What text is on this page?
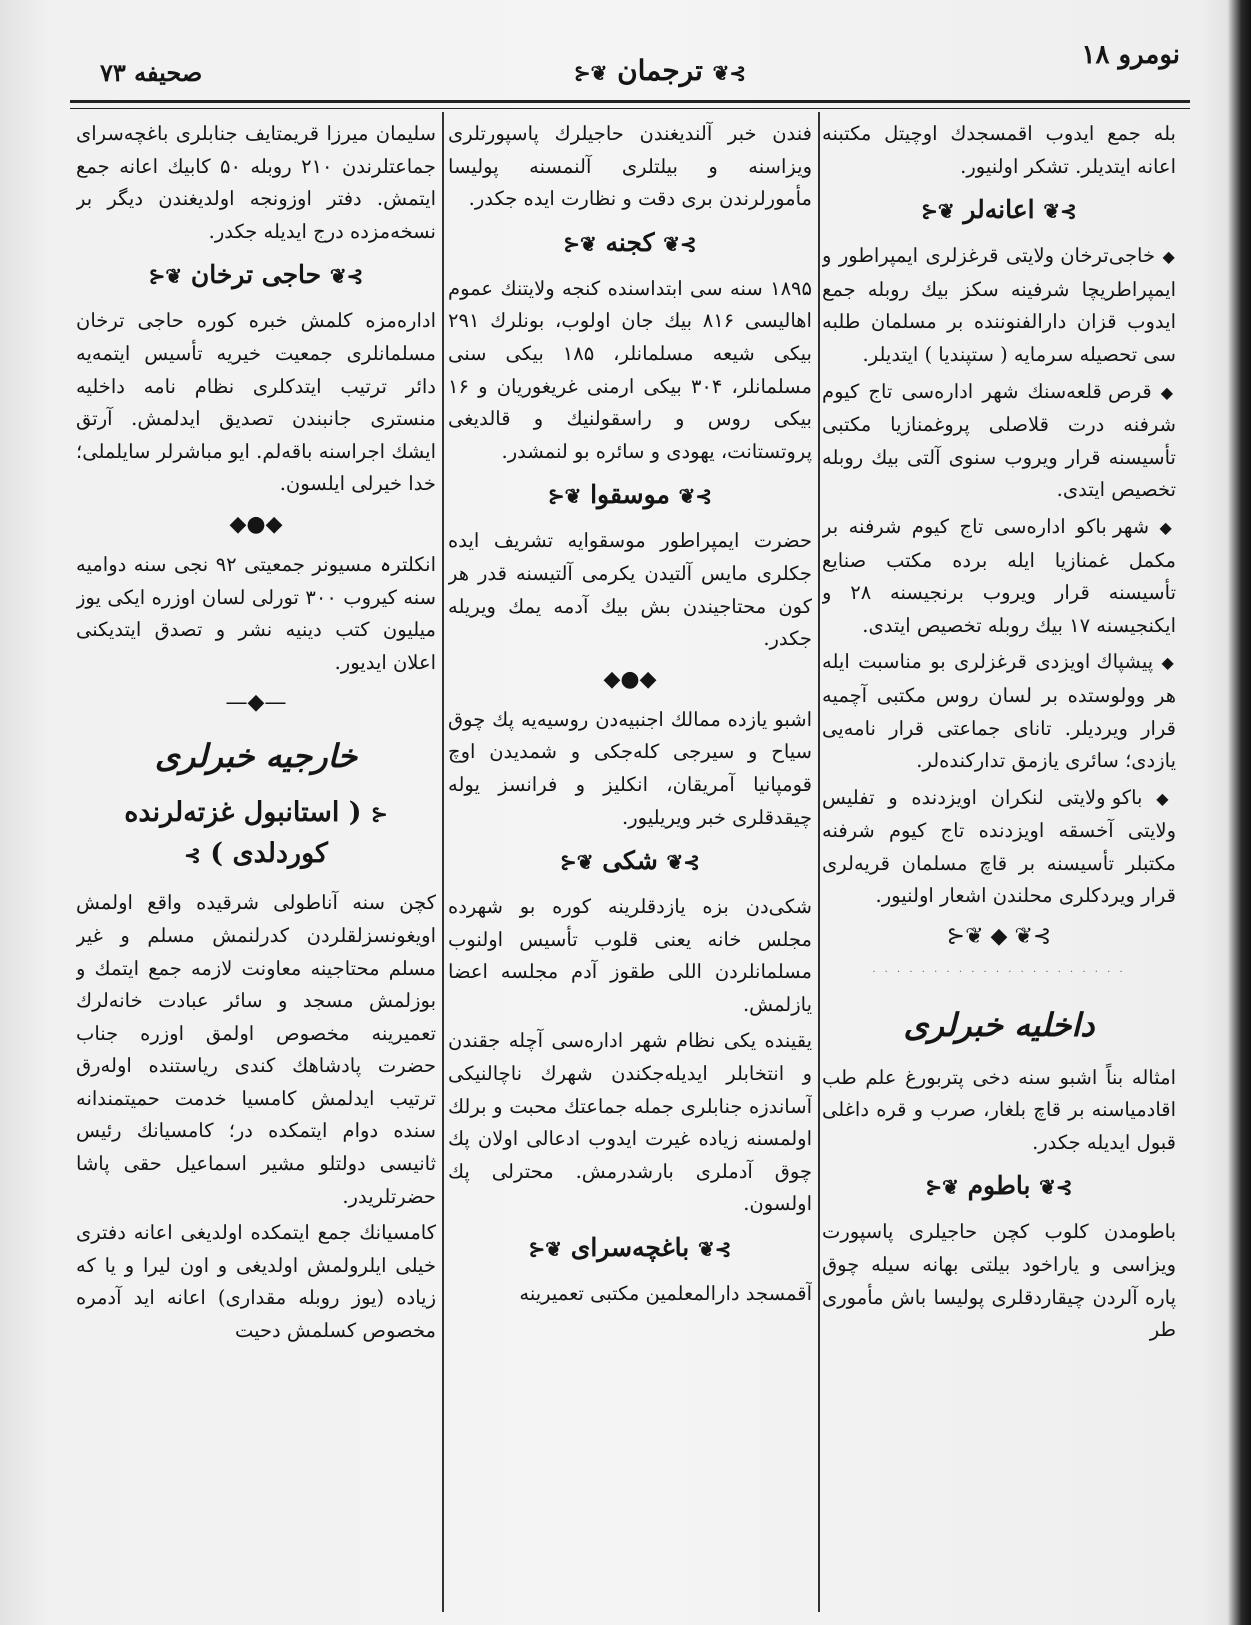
صحیفه ۷۳	⊱❦ ترجمان ❦⊰
نومرو ۱۸

بله جمع ایدوب اقمسجدك اوچیتل مکتبنه اعانه ایتدیلر. تشکر اولنیور.

⊱❦ اعانه‌لر ❦⊰

◆ خاجی‌ترخان ولایتی قرغزلری ایمپراطور و ایمپراطریچا شرفینه سکز بیك روبله جمع ایدوب قزان دارالفنوننده بر مسلمان طلبه سی تحصیله سرمایه ( ستپندیا ) ایتدیلر.

◆ قرص قلعه‌سنك شهر اداره‌سی تاج کیوم شرفنه درت قلاصلی پروغمنازیا مکتبی تأسیسنه قرار ویروب سنوی آلتی بیك روبله تخصیص ایتدی.

◆ شهر باکو اداره‌سی تاج کیوم شرفنه بر مکمل غمنازیا ایله برده مکتب صنایع تأسیسنه قرار ویروب برنجیسنه ۲۸ و ایکنجیسنه ۱۷ بیك روبله تخصیص ایتدی.

◆ پیشپاك اویزدی قرغزلری بو مناسبت ایله هر وولوستده بر لسان روس مکتبی آچمیه قرار ویردیلر. تانای جماعتی قرار نامه‌یی یازدی؛ سائری یازمق تدارکنده‌لر.

◆ باکو ولایتی لنکران اویزدنده و تفلیس ولایتی آخسقه اویزدنده تاج کیوم شرفنه مکتبلر تأسیسنه بر قاچ مسلمان قریه‌لری قرار ویردکلری محلندن اشعار اولنیور.

⊱❦ ◆ ❦⊰
· · · · · · · · · · · · · · · · · · · · ·
داخلیه خبرلری

امثاله بناً اشبو سنه دخی پتربورغ علم طب اقادمیاسنه بر قاچ بلغار، صرب و قره داغلی قبول ایدیله جکدر.

⊱❦ باطوم ❦⊰

باطومدن کلوب کچن حاجیلری پاسپورت ویزاسی و یاراخود بیلتی بهانه سیله چوق پاره آلردن چیقاردقلری پولیسا باش مأموری طر

فندن خبر آلندیغندن حاجیلرك پاسپورتلری ویزاسنه و بیلتلری آلنمسنه پولیسا مأمورلرندن بری دقت و نظارت ایده جکدر.

⊱❦ کجنه ❦⊰

۱۸۹۵ سنه سی ابتداسنده کنجه ولایتنك عموم اهالیسی ۸۱۶ بیك جان اولوب، بونلرك ۲۹۱ بیکی شیعه مسلمانلر، ۱۸۵ بیکی سنی مسلمانلر، ۳۰۴ بیکی ارمنی غریغوریان و ۱۶ بیکی روس و راسقولنیك و قالدیغی پروتستانت، یهودی و سائره بو لنمشدر.

⊱❦ موسقوا ❦⊰

حضرت ایمپراطور موسقوایه تشریف ایده جکلری مایس آلتیدن یکرمی آلتیسنه قدر هر کون محتاجیندن بش بیك آدمه یمك ویریله جکدر.

◆●◆

اشبو یازده ممالك اجنبیه‌دن روسیه‌یه پك چوق سیاح و سیرجی کله‌جکی و شمدیدن اوچ قومپانیا آمریقان، انکلیز و فرانسز یوله چیقدقلری خبر ویریلیور.

⊱❦ شکی ❦⊰

شکی‌دن بزه یازدقلرینه کوره بو شهرده مجلس خانه یعنی قلوب تأسیس اولنوب مسلمانلردن اللی طقوز آدم مجلسه اعضا یازلمش.

یقینده یکی نظام شهر اداره‌سی آچله جقندن و انتخابلر ایدیله‌جکندن شهرك ناچالنیکی آساندزه جنابلری جمله جماعتك محبت و برلك اولمسنه زیاده غیرت ایدوب ادعالی اولان پك چوق آدملری بارشدرمش. محترلی پك اولسون.

⊱❦ باغچه‌سرای ❦⊰

آقمسجد دارالمعلمین مکتبی تعمیرینه

سلیمان میرزا قریمتایف جنابلری باغچه‌سرای جماعتلرندن ۲۱۰ روبله ۵۰ کابیك اعانه جمع ایتمش. دفتر اوزونجه اولدیغندن دیگر بر نسخه‌مزده درج ایدیله جکدر.

⊱❦ حاجی ترخان ❦⊰

اداره‌مزه کلمش خبره کوره حاجی ترخان مسلمانلری جمعیت خیریه تأسیس ایتمه‌یه دائر ترتیب ایتدکلری نظام نامه داخلیه منستری جانبندن تصدیق ایدلمش. آرتق ایشك اجراسنه باقه‌لم. ایو مباشرلر سایلملی؛ خدا خیرلی ایلسون.

◆●◆

انکلترہ مسیونر جمعیتی ۹۲ نجی سنه دوامیه سنه کیروب ۳۰۰ تورلی لسان اوزره ایکی یوز میلیون کتب دینیه نشر و تصدق ایتدیکنی اعلان ایدیور.

—◆—
خارجیه خبرلری
⊰ ( استانبول غزته‌لرنده کوردلدی ) ⊱

کچن سنه آناطولی شرقیده واقع اولمش اویغونسزلقلردن کدرلنمش مسلم و غیر مسلم محتاجینه معاونت لازمه جمع ایتمك و بوزلمش مسجد و سائر عبادت خانه‌لرك تعمیرینه مخصوص اولمق اوزره جناب حضرت پادشاهك کندی ریاستنده اوله‌رق ترتیب ایدلمش کامسیا خدمت حمیتمندانه سنده دوام ایتمکده در؛ کامسیانك رئیس ثانیسی دولتلو مشیر اسماعیل حقی پاشا حضرتلریدر.

کامسیانك جمع ایتمکده اولدیغی اعانه دفتری خیلی ایلرولمش اولدیغی و اون لیرا و یا که زیاده (یوز روبله مقداری) اعانه اید آدمره مخصوص کسلمش دحیت
